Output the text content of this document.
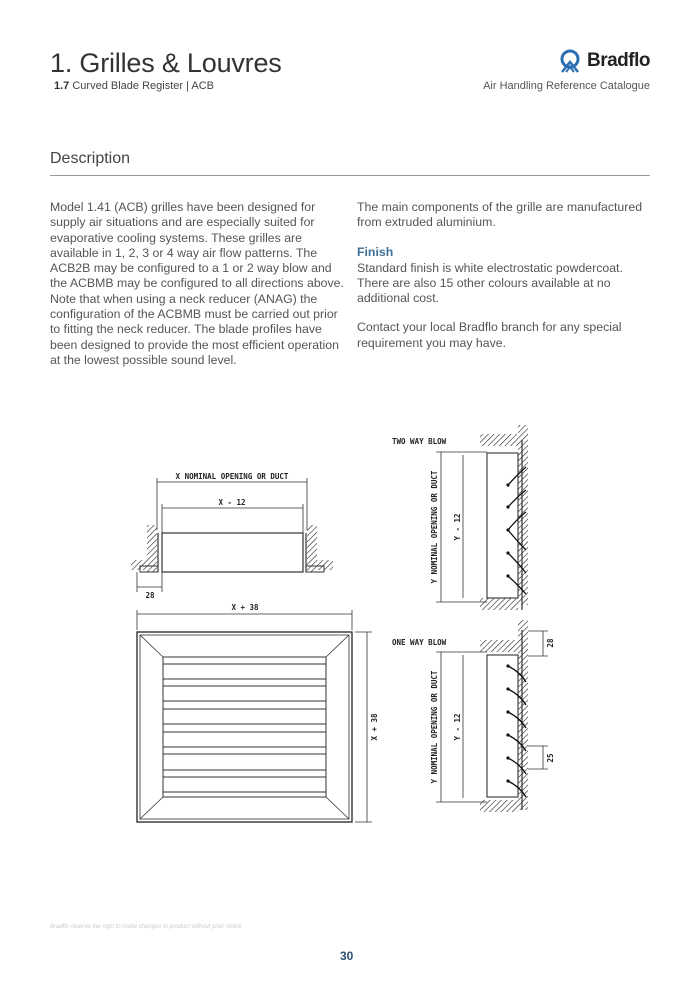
1. Grilles & Louvres
1.7 Curved Blade Register | ACB
Bradflo
Air Handling Reference Catalogue
Description

Model 1.41 (ACB) grilles have been designed for supply air situations and are especially suited for evaporative cooling systems. These grilles are available in 1, 2, 3 or 4 way air flow patterns. The ACB2B may be configured to a 1 or 2 way blow and the ACBMB may be configured to all directions above. Note that when using a neck reducer (ANAG) the configuration of the ACBMB must be carried out prior to fitting the neck reducer. The blade profiles have been designed to provide the most efficient operation at the lowest possible sound level.

The main components of the grille are manufactured from extruded aluminium.

Finish

Standard finish is white electrostatic powdercoat. There are also 15 other colours available at no additional cost.

Contact your local Bradflo branch for any special requirement you may have.

X NOMINAL OPENING OR DUCT
X - 12
28
X + 38
X + 38
TWO WAY BLOW
Y NOMINAL OPENING OR DUCT Y - 12
ONE WAY BLOW
Y NOMINAL OPENING OR DUCT Y - 12
28
25
Bradflo reserve the right to make changes to product without prior notice
30
